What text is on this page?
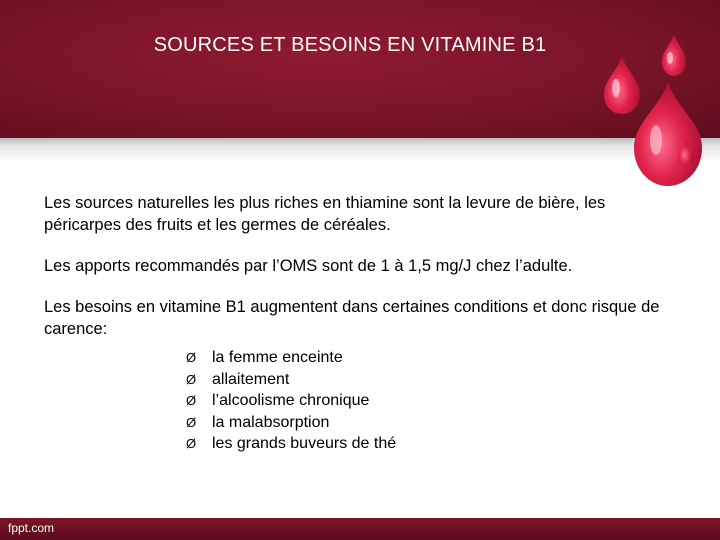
SOURCES ET BESOINS EN VITAMINE B1

Les sources naturelles les plus riches en thiamine sont la levure de bière, les péricarpes des fruits et les germes de céréales.

Les apports recommandés par l’OMS sont de 1 à 1,5 mg/J chez l’adulte.

Les besoins en vitamine B1 augmentent dans certaines conditions et donc risque de carence:

Ø la femme enceinte
Ø allaitement
Ø l’alcoolisme chronique
Ø la malabsorption
Ø les grands buveurs de thé
fppt.com
